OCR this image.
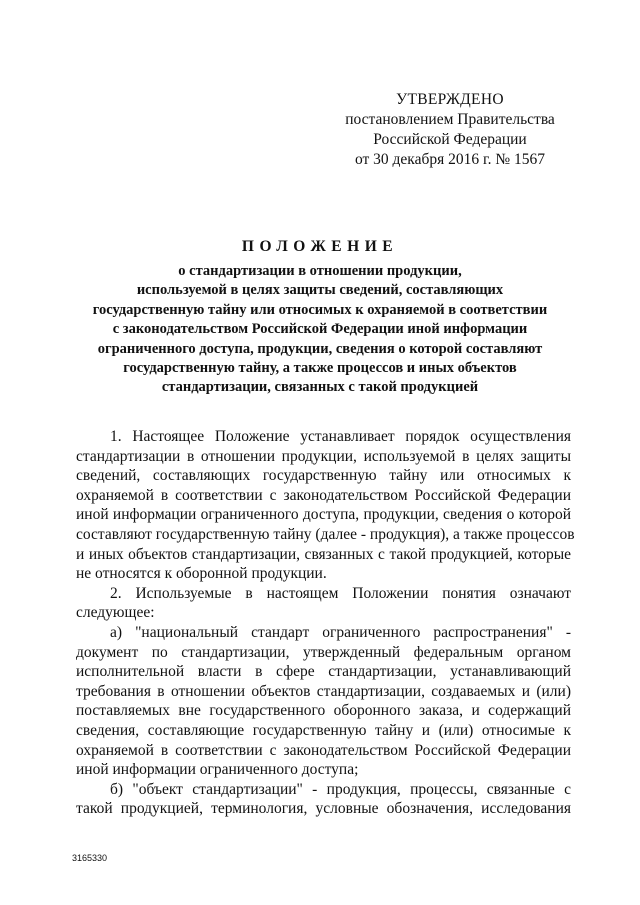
УТВЕРЖДЕНО
постановлением Правительства
Российской Федерации
от 30 декабря 2016 г. № 1567
ПОЛОЖЕНИЕ
о стандартизации в отношении продукции,
используемой в целях защиты сведений, составляющих
государственную тайну или относимых к охраняемой в соответствии
с законодательством Российской Федерации иной информации
ограниченного доступа, продукции, сведения о которой составляют
государственную тайну, а также процессов и иных объектов
стандартизации, связанных с такой продукцией
1. Настоящее Положение устанавливает порядок осуществления
стандартизации в отношении продукции, используемой в целях защиты
сведений, составляющих государственную тайну или относимых к
охраняемой в соответствии с законодательством Российской Федерации
иной информации ограниченного доступа, продукции, сведения о которой
составляют государственную тайну (далее - продукция), а также процессов
и иных объектов стандартизации, связанных с такой продукцией, которые
не относятся к оборонной продукции.
2. Используемые в настоящем Положении понятия означают
следующее:
а) "национальный стандарт ограниченного распространения" -
документ по стандартизации, утвержденный федеральным органом
исполнительной власти в сфере стандартизации, устанавливающий
требования в отношении объектов стандартизации, создаваемых и (или)
поставляемых вне государственного оборонного заказа, и содержащий
сведения, составляющие государственную тайну и (или) относимые к
охраняемой в соответствии с законодательством Российской Федерации
иной информации ограниченного доступа;
б) "объект стандартизации" - продукция, процессы, связанные с
такой продукцией, терминология, условные обозначения, исследования
3165330
